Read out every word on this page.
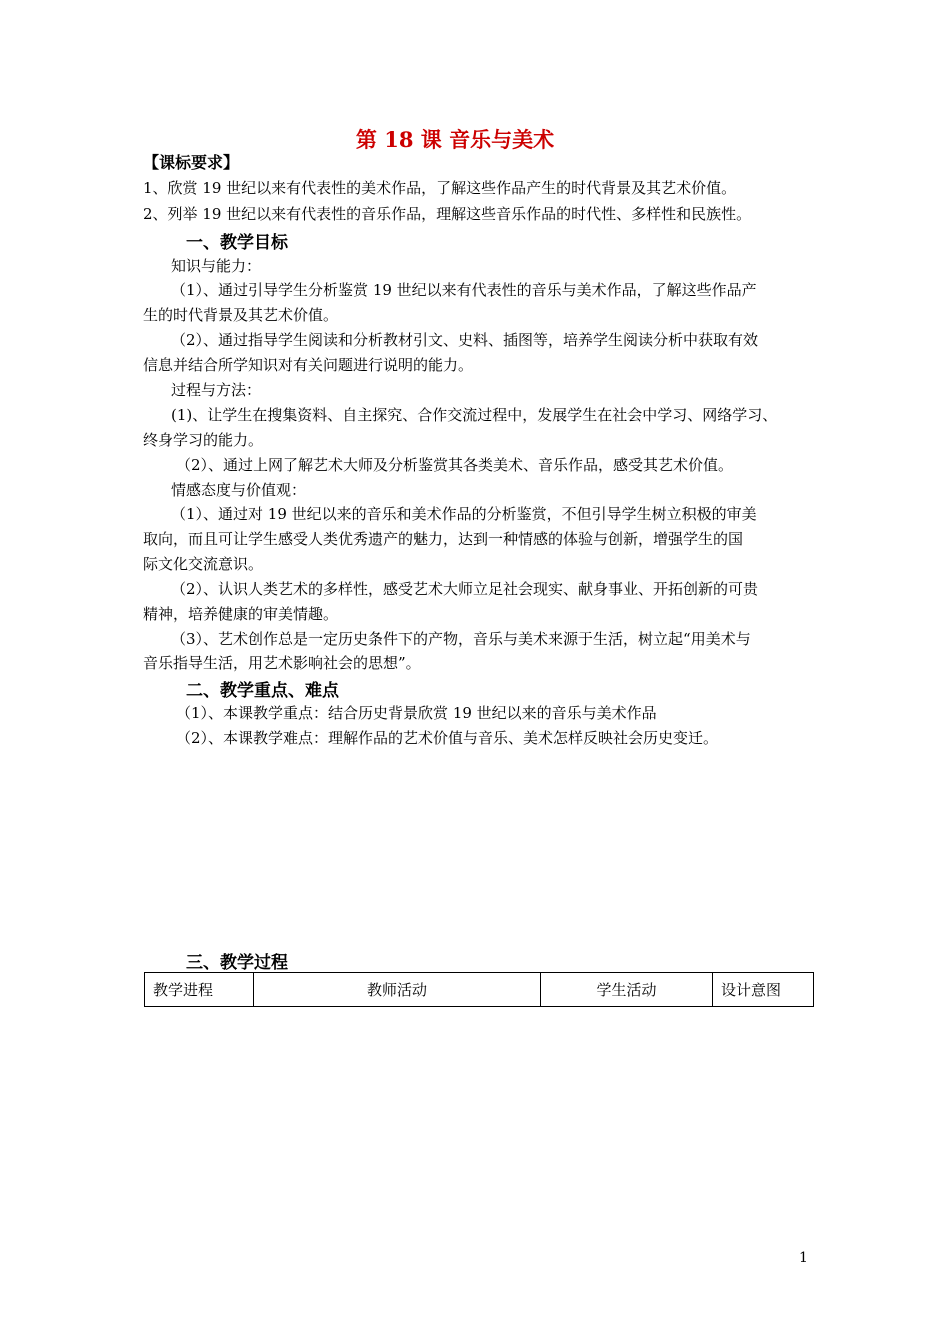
第 18 课 音乐与美术
【课标要求】
1、欣赏 19 世纪以来有代表性的美术作品，了解这些作品产生的时代背景及其艺术价值。
2、列举 19 世纪以来有代表性的音乐作品，理解这些音乐作品的时代性、多样性和民族性。
一、教学目标
知识与能力：
（1）、通过引导学生分析鉴赏 19 世纪以来有代表性的音乐与美术作品，了解这些作品产
生的时代背景及其艺术价值。
（2）、通过指导学生阅读和分析教材引文、史料、插图等，培养学生阅读分析中获取有效
信息并结合所学知识对有关问题进行说明的能力。
过程与方法：
(1)、让学生在搜集资料、自主探究、合作交流过程中，发展学生在社会中学习、网络学习、
终身学习的能力。
（2）、通过上网了解艺术大师及分析鉴赏其各类美术、音乐作品，感受其艺术价值。
情感态度与价值观：
（1）、通过对 19 世纪以来的音乐和美术作品的分析鉴赏，不但引导学生树立积极的审美
取向，而且可让学生感受人类优秀遗产的魅力，达到一种情感的体验与创新，增强学生的国
际文化交流意识。
（2）、认识人类艺术的多样性，感受艺术大师立足社会现实、献身事业、开拓创新的可贵
精神，培养健康的审美情趣。
（3）、艺术创作总是一定历史条件下的产物，音乐与美术来源于生活，树立起“用美术与
音乐指导生活，用艺术影响社会的思想”。
二、教学重点、难点
（1）、本课教学重点：结合历史背景欣赏 19 世纪以来的音乐与美术作品
（2）、本课教学难点：理解作品的艺术价值与音乐、美术怎样反映社会历史变迁。
三、教学过程
教学进程	教师活动	学生活动	设计意图
1
